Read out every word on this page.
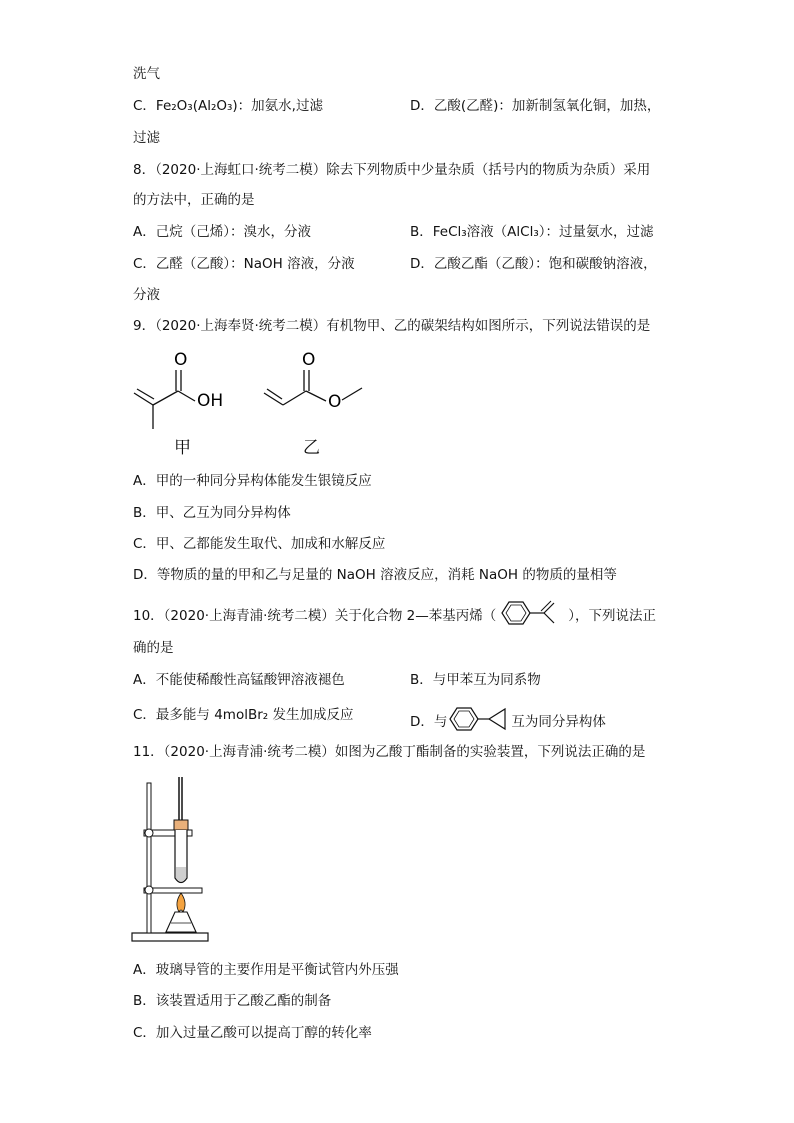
洗气
C．Fe₂O₃(Al₂O₃)：加氨水,过滤	D．乙酸(乙醛)：加新制氢氧化铜，加热，
过滤
8．（2020·上海虹口·统考二模）除去下列物质中少量杂质（括号内的物质为杂质）采用
的方法中，正确的是
A．己烷（己烯）：溴水，分液	B．FeCl₃溶液（AlCl₃）：过量氨水，过滤
C．乙醛（乙酸）：NaOH 溶液，分液	D．乙酸乙酯（乙酸）：饱和碳酸钠溶液，
分液
9．（2020·上海奉贤·统考二模）有机物甲、乙的碳架结构如图所示，下列说法错误的是
O
OH
甲
O
O
乙
A．甲的一种同分异构体能发生银镜反应
B．甲、乙互为同分异构体
C．甲、乙都能发生取代、加成和水解反应
D．等物质的量的甲和乙与足量的 NaOH 溶液反应，消耗 NaOH 的物质的量相等
10．（2020·上海青浦·统考二模）关于化合物 2—苯基丙烯（	），下列说法正
确的是
A．不能使稀酸性高锰酸钾溶液褪色	B．与甲苯互为同系物
C．最多能与 4molBr₂ 发生加成反应	D．与	互为同分异构体
11．（2020·上海青浦·统考二模）如图为乙酸丁酯制备的实验装置，下列说法正确的是
A．玻璃导管的主要作用是平衡试管内外压强
B．该装置适用于乙酸乙酯的制备
C．加入过量乙酸可以提高丁醇的转化率
